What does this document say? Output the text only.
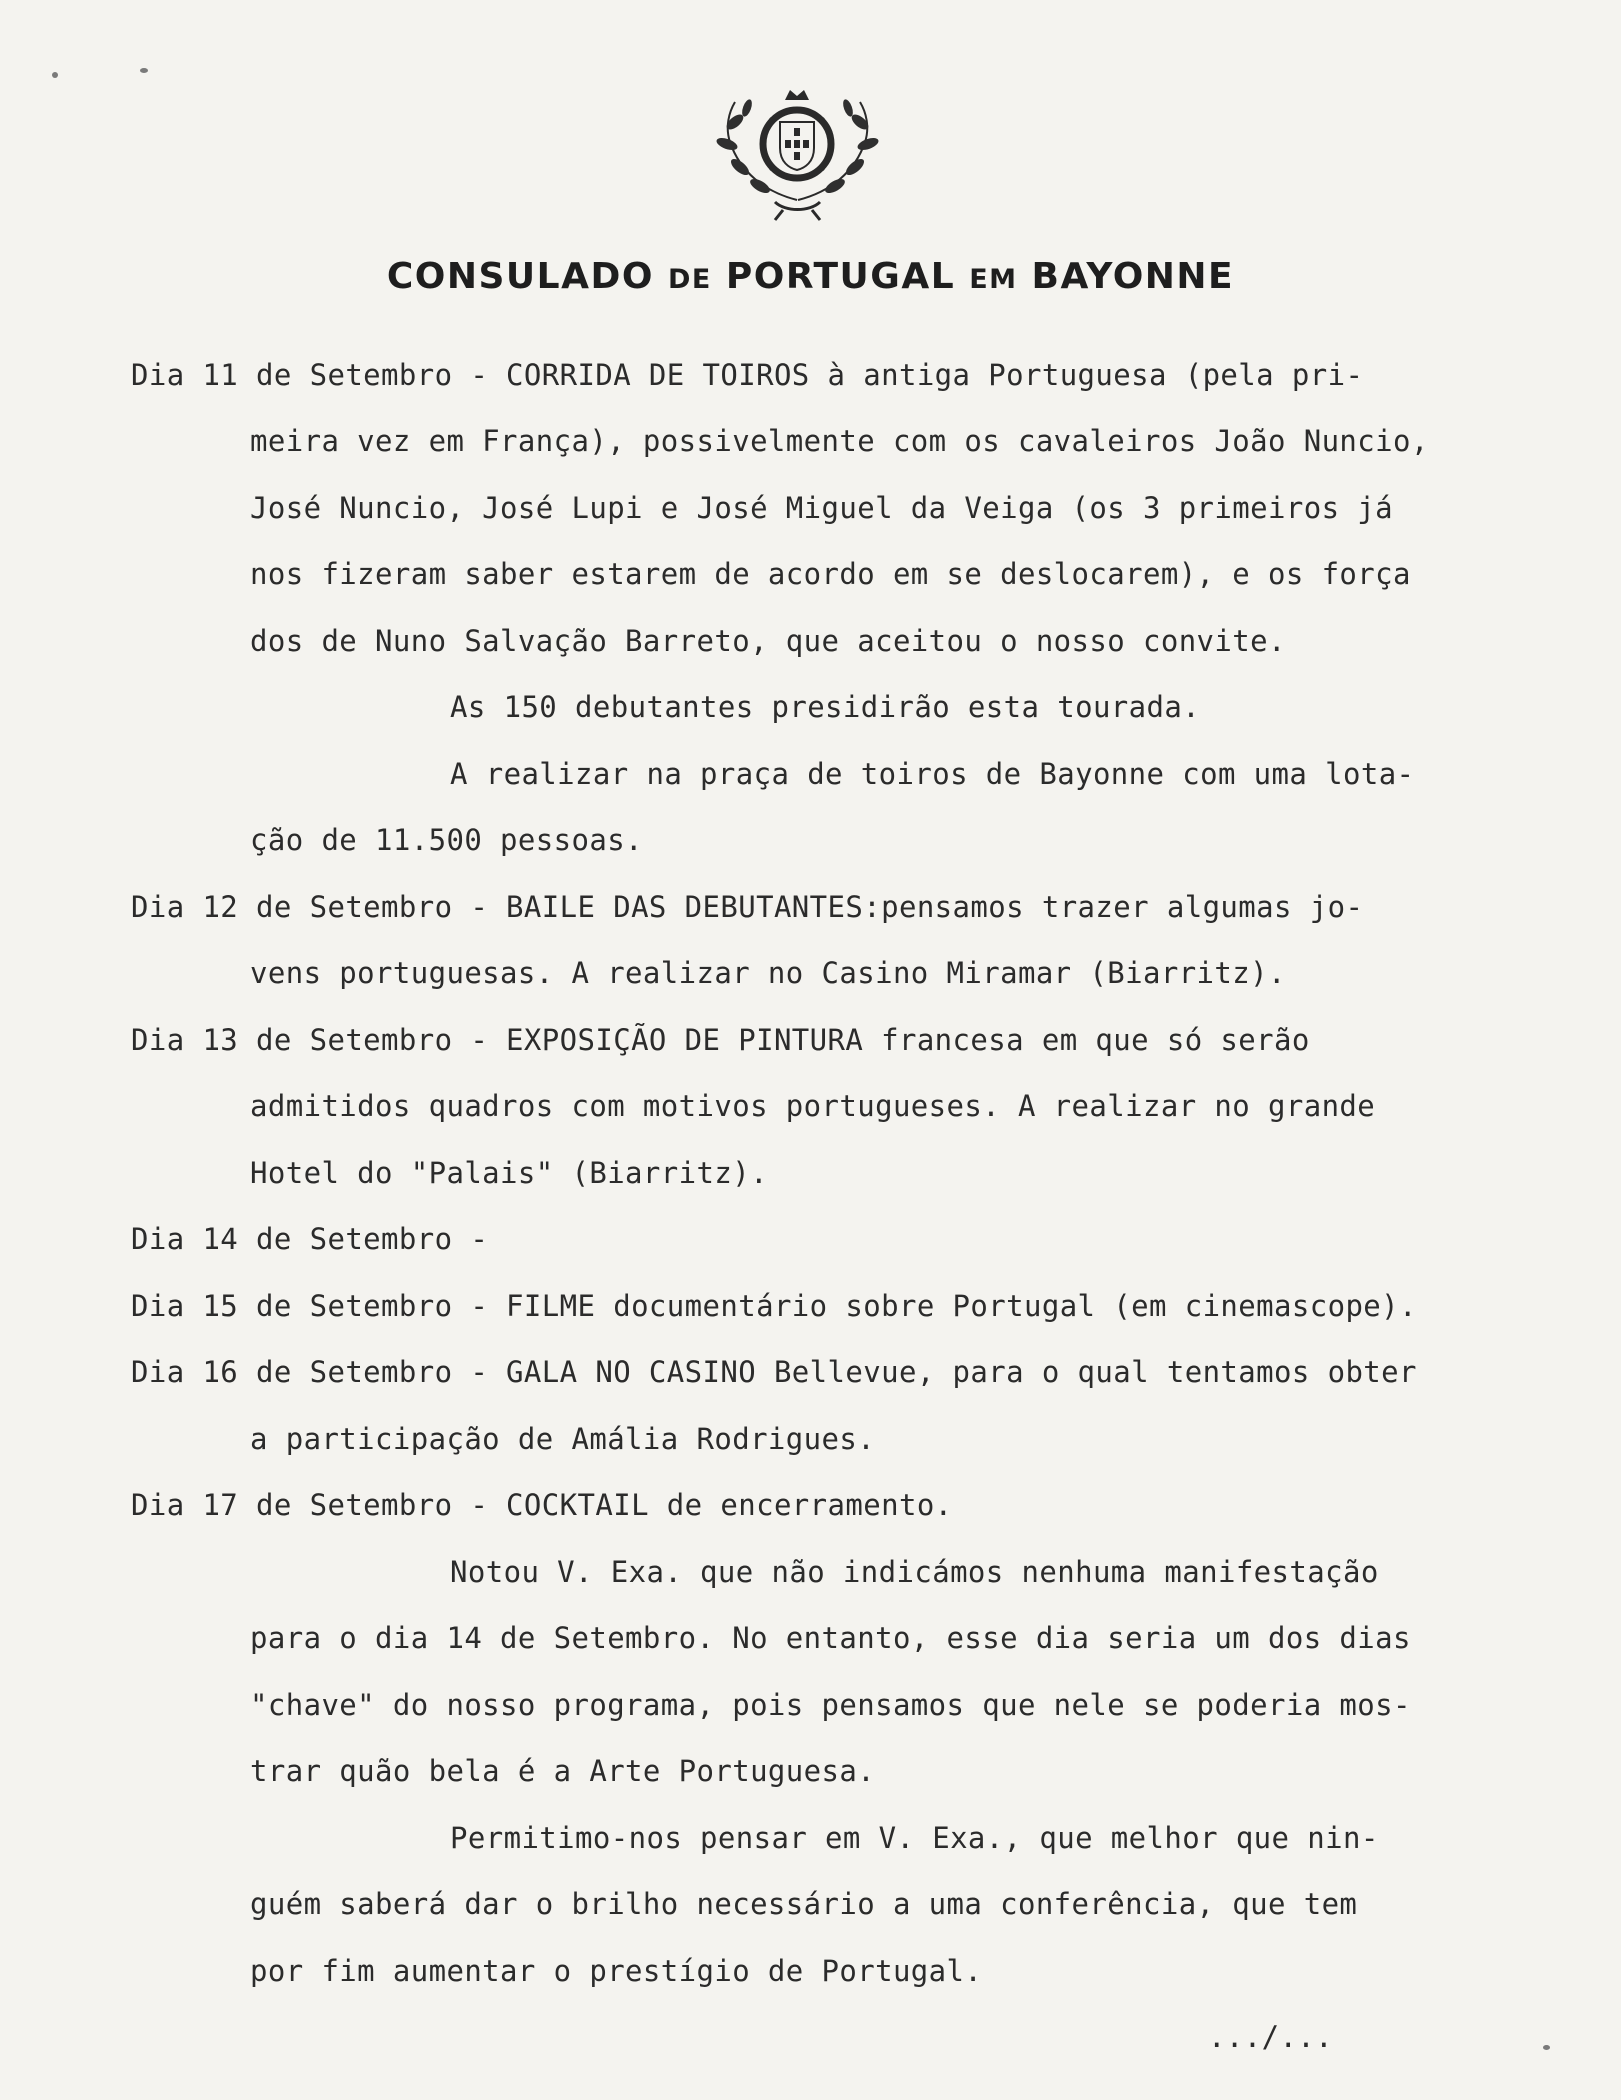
CONSULADO DE PORTUGAL EM BAYONNE
Dia 11 de Setembro - CORRIDA DE TOIROS à antiga Portuguesa (pela pri-
meira vez em França), possivelmente com os cavaleiros João Nuncio,
José Nuncio, José Lupi e José Miguel da Veiga (os 3 primeiros já
nos fizeram saber estarem de acordo em se deslocarem), e os força
dos de Nuno Salvação Barreto, que aceitou o nosso convite.
As 150 debutantes presidirão esta tourada.
A realizar na praça de toiros de Bayonne com uma lota-
ção de 11.500 pessoas.
Dia 12 de Setembro - BAILE DAS DEBUTANTES:pensamos trazer algumas jo-
vens portuguesas. A realizar no Casino Miramar (Biarritz).
Dia 13 de Setembro - EXPOSIÇÃO DE PINTURA francesa em que só serão
admitidos quadros com motivos portugueses. A realizar no grande
Hotel do "Palais" (Biarritz).
Dia 14 de Setembro -
Dia 15 de Setembro - FILME documentário sobre Portugal (em cinemascope).
Dia 16 de Setembro - GALA NO CASINO Bellevue, para o qual tentamos obter
a participação de Amália Rodrigues.
Dia 17 de Setembro - COCKTAIL de encerramento.
Notou V. Exa. que não indicámos nenhuma manifestação
para o dia 14 de Setembro. No entanto, esse dia seria um dos dias
"chave" do nosso programa, pois pensamos que nele se poderia mos-
trar quão bela é a Arte Portuguesa.
Permitimo-nos pensar em V. Exa., que melhor que nin-
guém saberá dar o brilho necessário a uma conferência, que tem
por fim aumentar o prestígio de Portugal.
.../...
